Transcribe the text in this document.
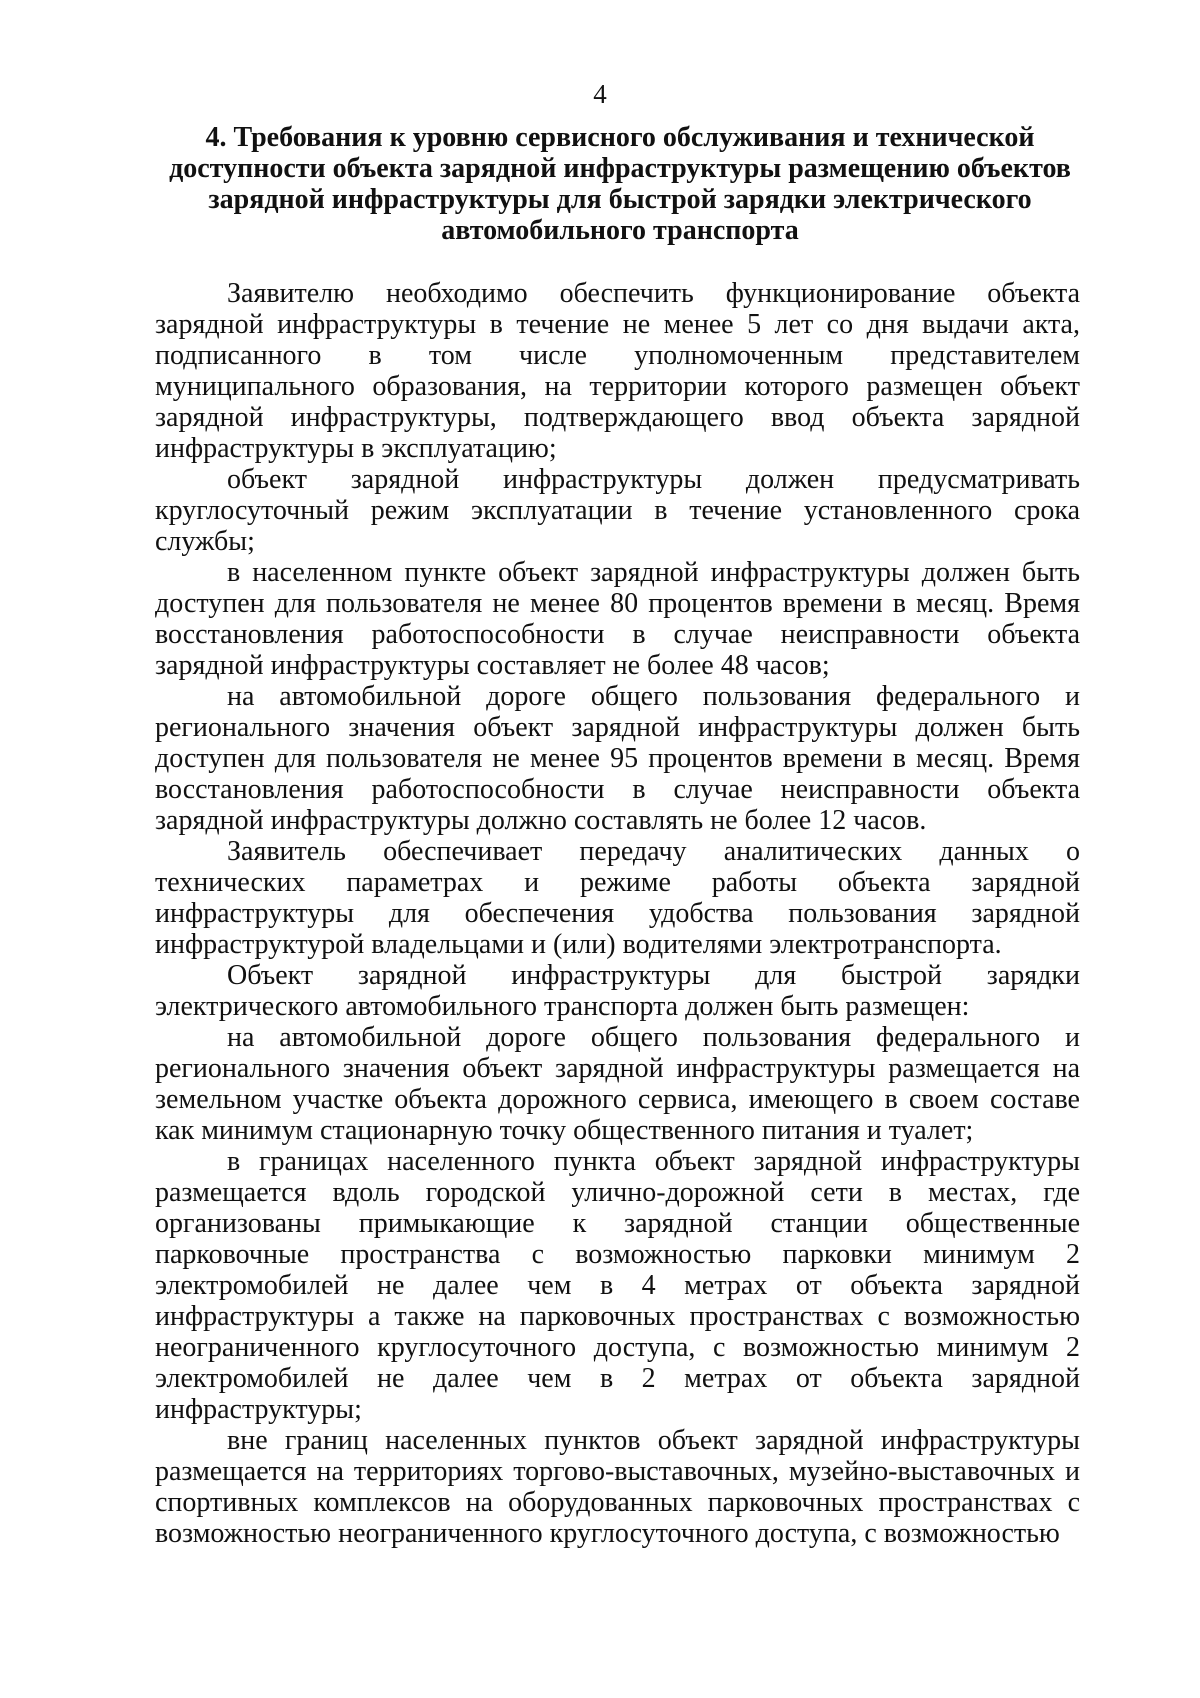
4
4. Требования к уровню сервисного обслуживания и технической доступности объекта зарядной инфраструктуры размещению объектов зарядной инфраструктуры для быстрой зарядки электрического автомобильного транспорта

Заявителю необходимо обеспечить функционирование объекта зарядной инфраструктуры в течение не менее 5 лет со дня выдачи акта, подписанного в том числе уполномоченным представителем муниципального образования, на территории которого размещен объект зарядной инфраструктуры, подтверждающего ввод объекта зарядной инфраструктуры в эксплуатацию;

объект зарядной инфраструктуры должен предусматривать круглосуточный режим эксплуатации в течение установленного срока службы;

в населенном пункте объект зарядной инфраструктуры должен быть доступен для пользователя не менее 80 процентов времени в месяц. Время восстановления работоспособности в случае неисправности объекта зарядной инфраструктуры составляет не более 48 часов;

на автомобильной дороге общего пользования федерального и регионального значения объект зарядной инфраструктуры должен быть доступен для пользователя не менее 95 процентов времени в месяц. Время восстановления работоспособности в случае неисправности объекта зарядной инфраструктуры должно составлять не более 12 часов.

Заявитель обеспечивает передачу аналитических данных о технических параметрах и режиме работы объекта зарядной инфраструктуры для обеспечения удобства пользования зарядной инфраструктурой владельцами и (или) водителями электротранспорта.

Объект зарядной инфраструктуры для быстрой зарядки электрического автомобильного транспорта должен быть размещен:

на автомобильной дороге общего пользования федерального и регионального значения объект зарядной инфраструктуры размещается на земельном участке объекта дорожного сервиса, имеющего в своем составе как минимум стационарную точку общественного питания и туалет;

в границах населенного пункта объект зарядной инфраструктуры размещается вдоль городской улично-дорожной сети в местах, где организованы примыкающие к зарядной станции общественные парковочные пространства с возможностью парковки минимум 2 электромобилей не далее чем в 4 метрах от объекта зарядной инфраструктуры а также на парковочных пространствах с возможностью неограниченного круглосуточного доступа, с возможностью минимум 2 электромобилей не далее чем в 2 метрах от объекта зарядной инфраструктуры;

вне границ населенных пунктов объект зарядной инфраструктуры размещается на территориях торгово-выставочных, музейно-выставочных и спортивных комплексов на оборудованных парковочных пространствах с возможностью неограниченного круглосуточного доступа, с возможностью
